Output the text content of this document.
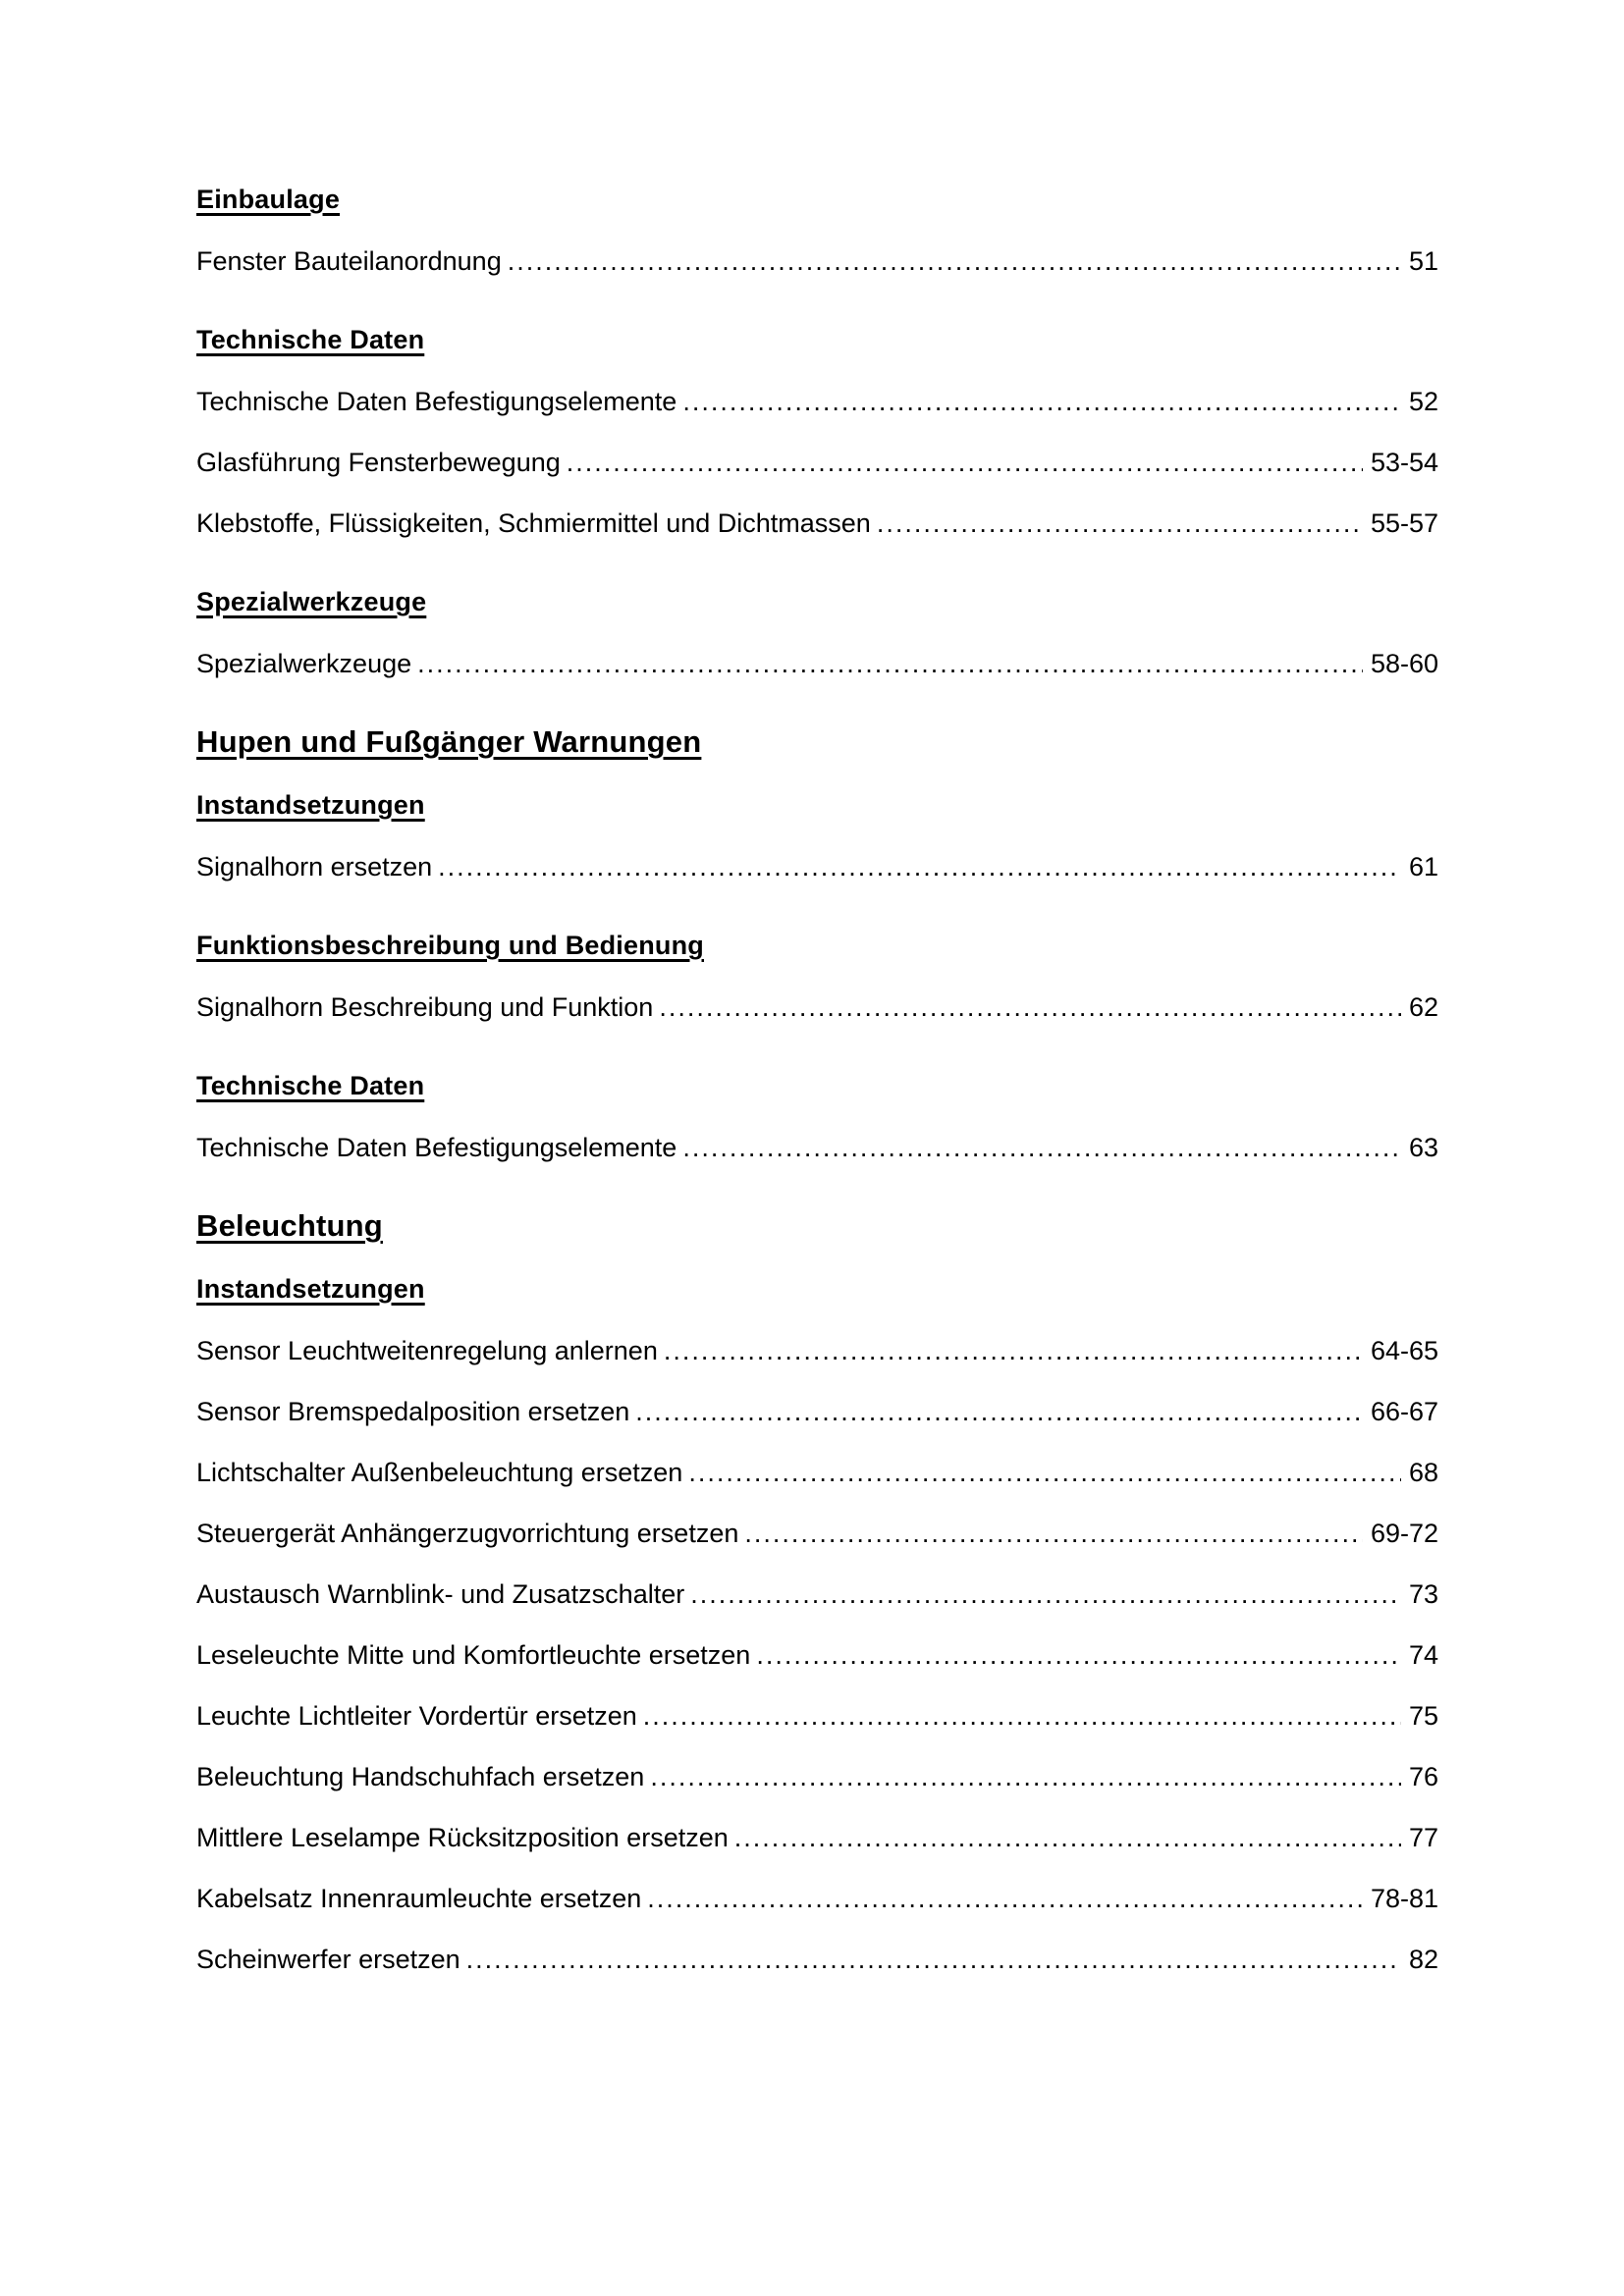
Einbaulage
Fenster Bauteilanordnung .....	51
Technische Daten
Technische Daten Befestigungselemente .....	52
Glasführung Fensterbewegung .....	53-54
Klebstoffe, Flüssigkeiten, Schmiermittel und Dichtmassen .....	55-57
Spezialwerkzeuge
Spezialwerkzeuge .....	58-60
Hupen und Fußgänger Warnungen
Instandsetzungen
Signalhorn ersetzen .....	61
Funktionsbeschreibung und Bedienung
Signalhorn Beschreibung und Funktion .....	62
Technische Daten
Technische Daten Befestigungselemente .....	63
Beleuchtung
Instandsetzungen
Sensor Leuchtweitenregelung anlernen .....	64-65
Sensor Bremspedalposition ersetzen .....	66-67
Lichtschalter Außenbeleuchtung ersetzen .....	68
Steuergerät Anhängerzugvorrichtung ersetzen .....	69-72
Austausch Warnblink- und Zusatzschalter .....	73
Leseleuchte Mitte und Komfortleuchte ersetzen .....	74
Leuchte Lichtleiter Vordertür ersetzen .....	75
Beleuchtung Handschuhfach ersetzen .....	76
Mittlere Leselampe Rücksitzposition ersetzen .....	77
Kabelsatz Innenraumleuchte ersetzen .....	78-81
Scheinwerfer ersetzen .....	82
